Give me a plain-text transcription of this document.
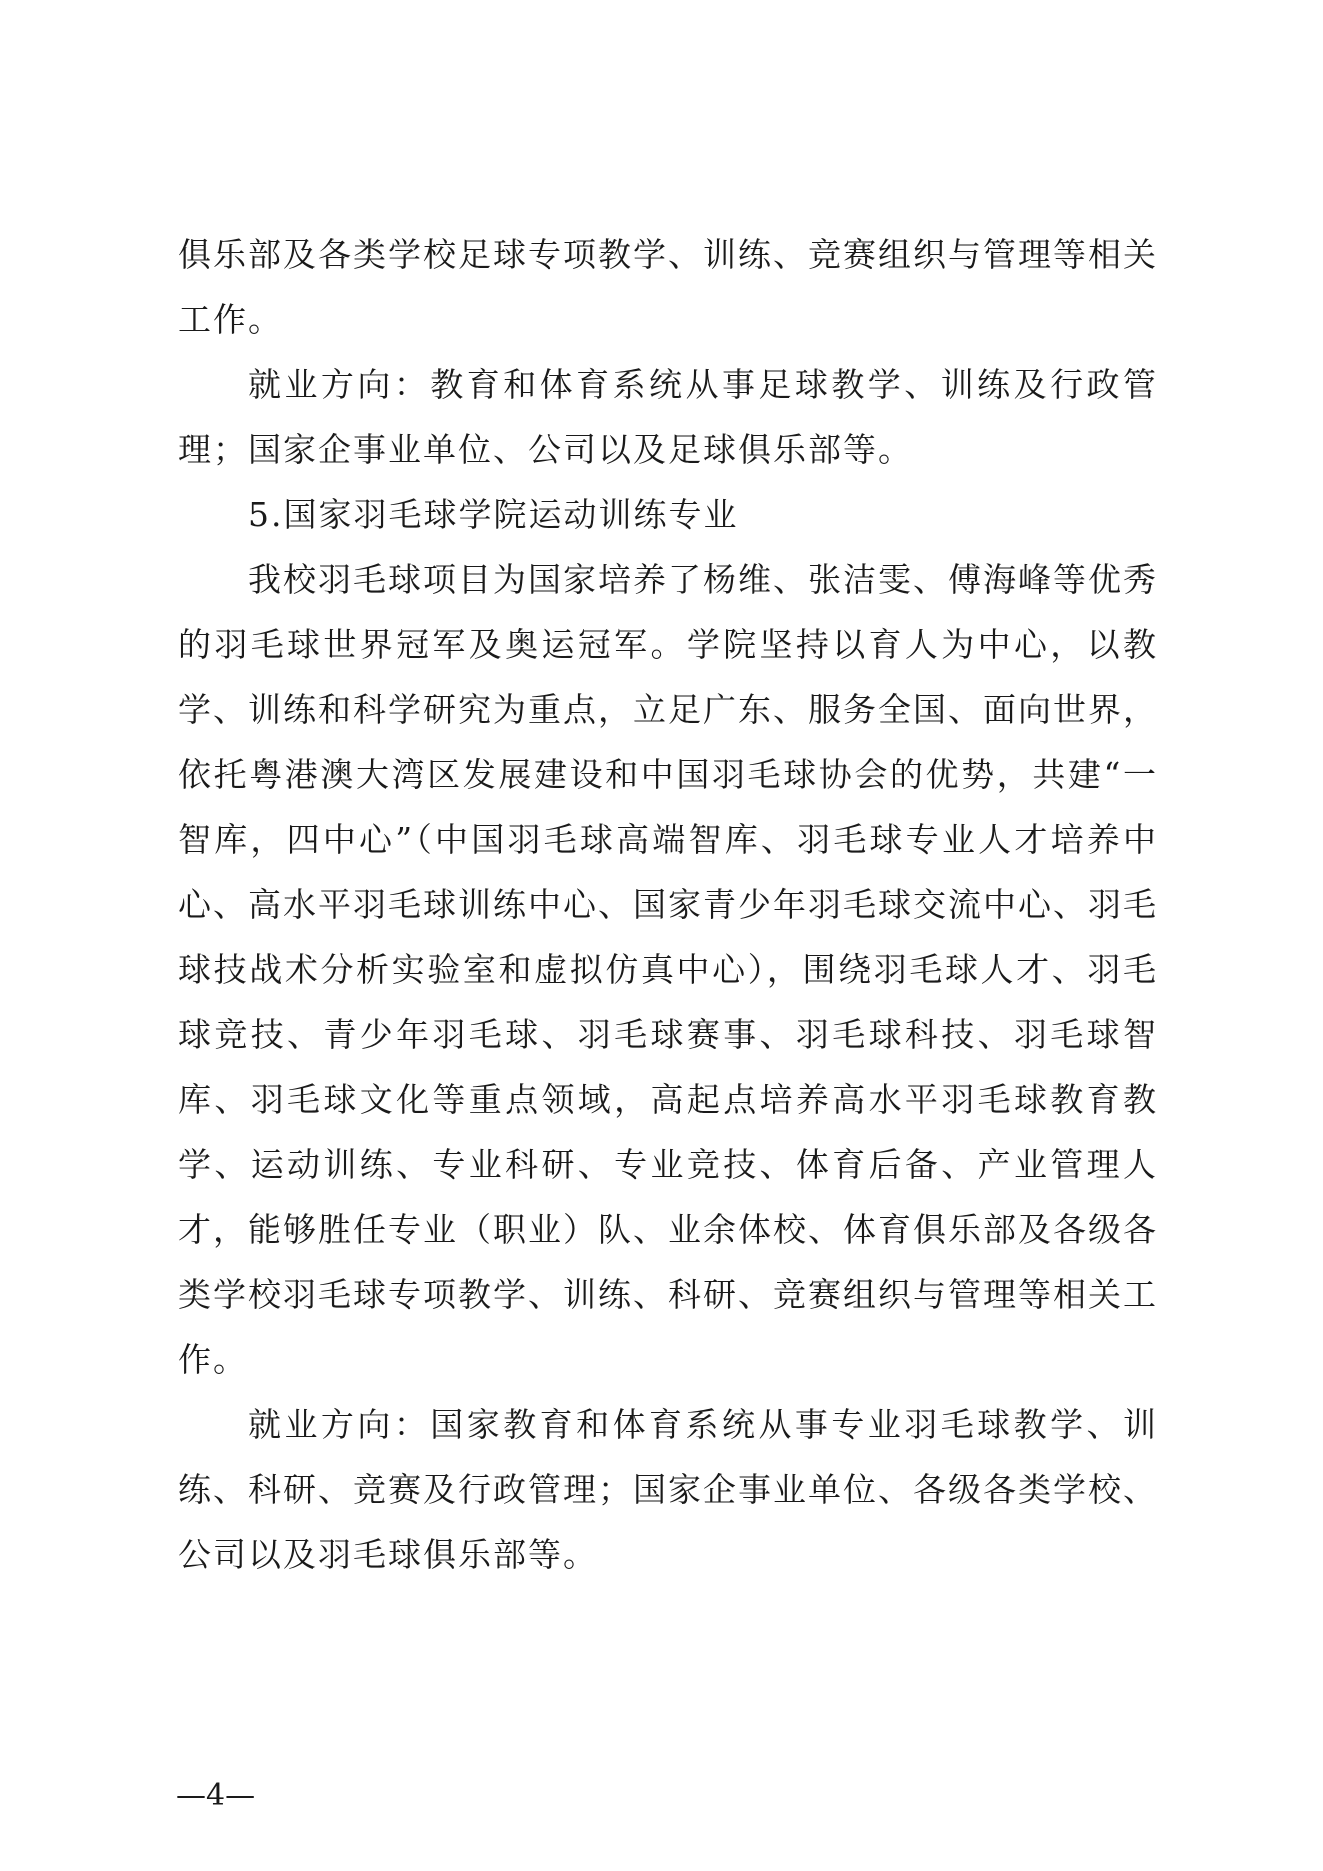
俱乐部及各类学校足球专项教学、训练、竞赛组织与管理等相关工作。

就业方向：教育和体育系统从事足球教学、训练及行政管理；国家企事业单位、公司以及足球俱乐部等。

5.国家羽毛球学院运动训练专业

我校羽毛球项目为国家培养了杨维、张洁雯、傅海峰等优秀的羽毛球世界冠军及奥运冠军。学院坚持以育人为中心，以教学、训练和科学研究为重点，立足广东、服务全国、面向世界，依托粤港澳大湾区发展建设和中国羽毛球协会的优势，共建“一智库，四中心”（中国羽毛球高端智库、羽毛球专业人才培养中心、高水平羽毛球训练中心、国家青少年羽毛球交流中心、羽毛球技战术分析实验室和虚拟仿真中心），围绕羽毛球人才、羽毛球竞技、青少年羽毛球、羽毛球赛事、羽毛球科技、羽毛球智库、羽毛球文化等重点领域，高起点培养高水平羽毛球教育教学、运动训练、专业科研、专业竞技、体育后备、产业管理人才，能够胜任专业（职业）队、业余体校、体育俱乐部及各级各类学校羽毛球专项教学、训练、科研、竞赛组织与管理等相关工作。

就业方向：国家教育和体育系统从事专业羽毛球教学、训练、科研、竞赛及行政管理；国家企事业单位、各级各类学校、公司以及羽毛球俱乐部等。

—4—
